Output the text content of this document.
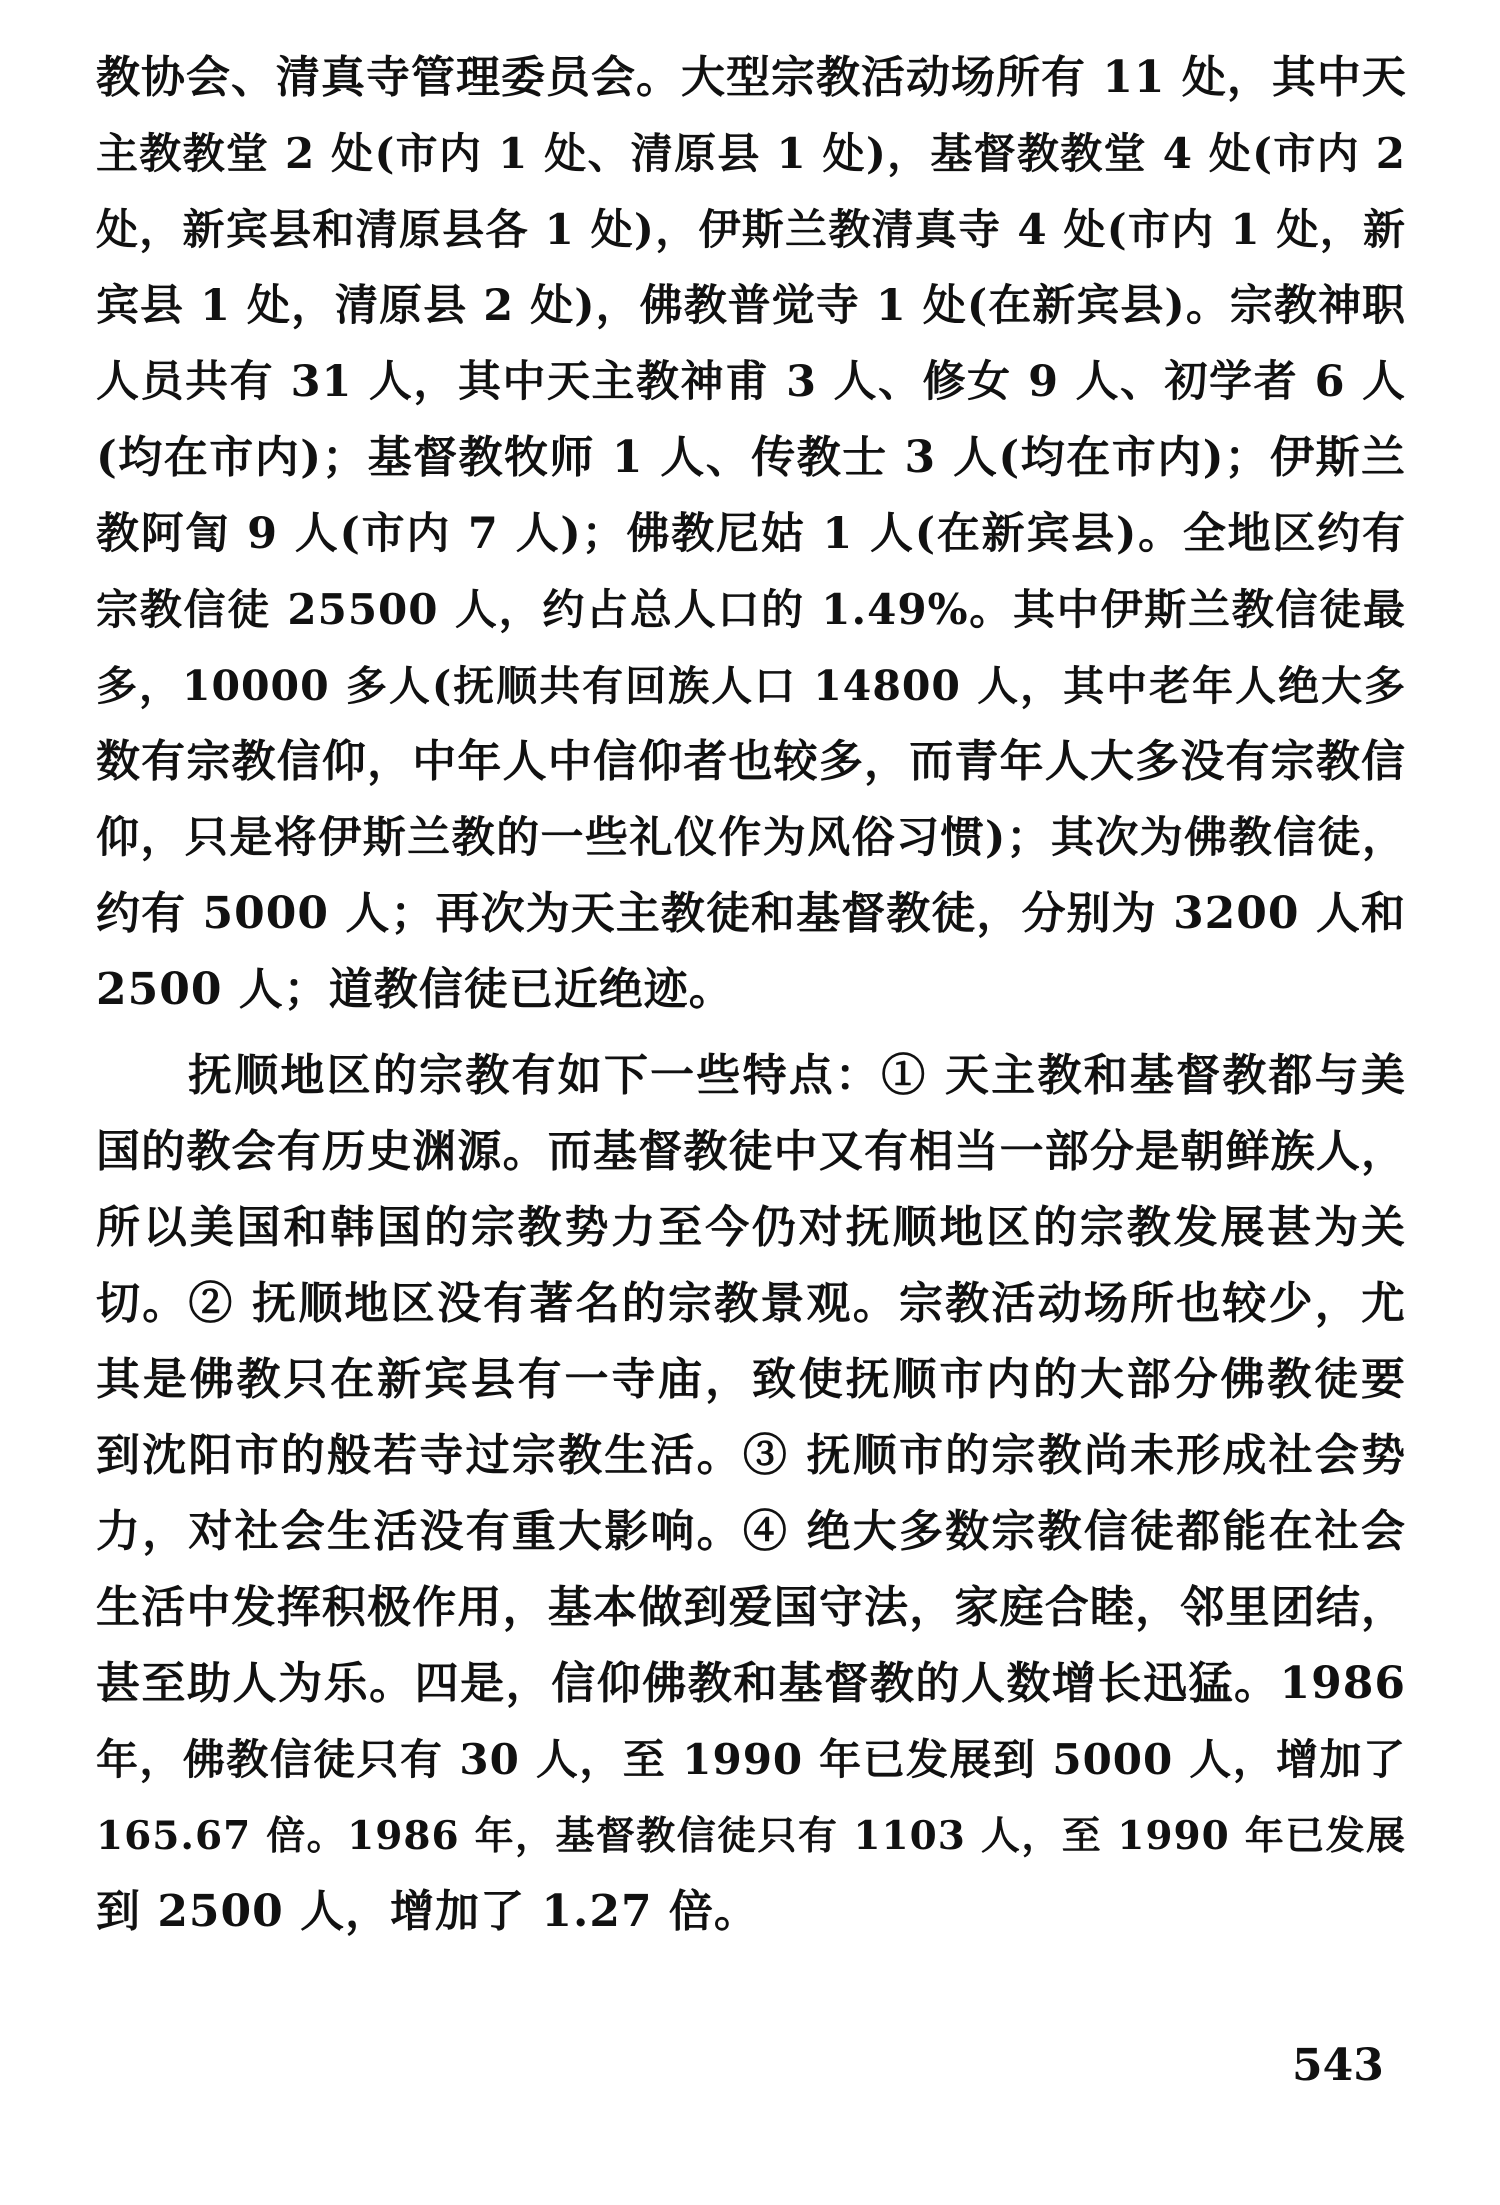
教协会、清真寺管理委员会。大型宗教活动场所有 11 处，其中天
主教教堂 2 处(市内 1 处、清原县 1 处)，基督教教堂 4 处(市内 2
处，新宾县和清原县各 1 处)，伊斯兰教清真寺 4 处(市内 1 处，新
宾县 1 处，清原县 2 处)，佛教普觉寺 1 处(在新宾县)。宗教神职
人员共有 31 人，其中天主教神甫 3 人、修女 9 人、初学者 6 人
(均在市内)；基督教牧师 1 人、传教士 3 人(均在市内)；伊斯兰
教阿訇 9 人(市内 7 人)；佛教尼姑 1 人(在新宾县)。全地区约有
宗教信徒 25500 人，约占总人口的 1.49%。其中伊斯兰教信徒最
多，10000 多人(抚顺共有回族人口 14800 人，其中老年人绝大多
数有宗教信仰，中年人中信仰者也较多，而青年人大多没有宗教信
仰，只是将伊斯兰教的一些礼仪作为风俗习惯)；其次为佛教信徒，
约有 5000 人；再次为天主教徒和基督教徒，分别为 3200 人和
2500 人；道教信徒已近绝迹。
抚顺地区的宗教有如下一些特点：① 天主教和基督教都与美
国的教会有历史渊源。而基督教徒中又有相当一部分是朝鲜族人，
所以美国和韩国的宗教势力至今仍对抚顺地区的宗教发展甚为关
切。② 抚顺地区没有著名的宗教景观。宗教活动场所也较少，尤
其是佛教只在新宾县有一寺庙，致使抚顺市内的大部分佛教徒要
到沈阳市的般若寺过宗教生活。③ 抚顺市的宗教尚未形成社会势
力，对社会生活没有重大影响。④ 绝大多数宗教信徒都能在社会
生活中发挥积极作用，基本做到爱国守法，家庭合睦，邻里团结，
甚至助人为乐。四是，信仰佛教和基督教的人数增长迅猛。1986
年，佛教信徒只有 30 人，至 1990 年已发展到 5000 人，增加了
165.67 倍。1986 年，基督教信徒只有 1103 人，至 1990 年已发展
到 2500 人，增加了 1.27 倍。
543
